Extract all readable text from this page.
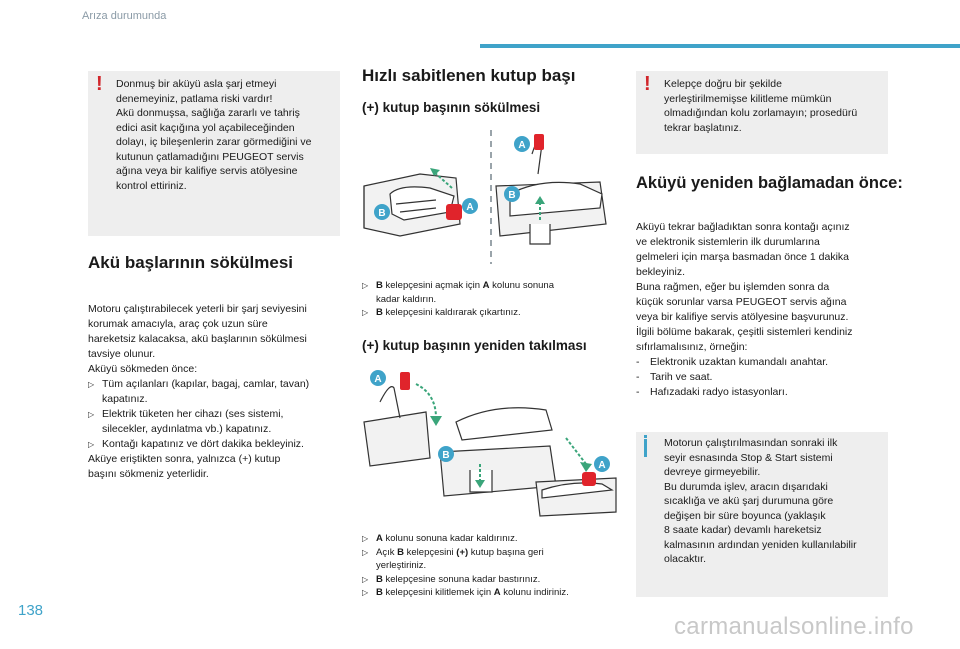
Arıza durumunda
! Donmuş bir aküyü asla şarj etmeyi

denemeyiniz, patlama riski vardır!

Akü donmuşsa, sağlığa zararlı ve tahriş

edici asit kaçığına yol açabileceğinden

dolayı, iç bileşenlerin zarar görmediğini ve

kutunun çatlamadığını PEUGEOT servis

ağına veya bir kalifiye servis atölyesine

kontrol ettiriniz.

Akü başlarının sökülmesi

Motoru çalıştırabilecek yeterli bir şarj seviyesini

korumak amacıyla, araç çok uzun süre

hareketsiz kalacaksa, akü başlarının sökülmesi

tavsiye olunur.

Aküyü sökmeden önce:

▷ Tüm açılanları (kapılar, bagaj, camlar, tavan)
kapatınız.

▷ Elektrik tüketen her cihazı (ses sistemi,
silecekler, aydınlatma vb.) kapatınız.

▷ Kontağı kapatınız ve dört dakika bekleyiniz.

Aküye eriştikten sonra, yalnızca (+) kutup

başını sökmeniz yeterlidir.

Hızlı sabitlenen kutup başı
(+) kutup başının sökülmesi
B
A
A
B

▷ B kelepçesini açmak için A kolunu sonuna
kadar kaldırın.

▷ B kelepçesini kaldırarak çıkartınız.

(+) kutup başının yeniden takılması
A
B
A

▷ A kolunu sonuna kadar kaldırınız.

▷ Açık B kelepçesini (+) kutup başına geri
yerleştiriniz.

▷ B kelepçesine sonuna kadar bastırınız.

▷ B kelepçesini kilitlemek için A kolunu indiriniz.

! Kelepçe doğru bir şekilde

yerleştirilmemişse kilitleme mümkün

olmadığından kolu zorlamayın; prosedürü

tekrar başlatınız.

Aküyü yeniden bağlamadan önce:

Aküyü tekrar bağladıktan sonra kontağı açınız

ve elektronik sistemlerin ilk durumlarına

gelmeleri için marşa basmadan önce 1 dakika

bekleyiniz.

Buna rağmen, eğer bu işlemden sonra da

küçük sorunlar varsa PEUGEOT servis ağına

veya bir kalifiye servis atölyesine başvurunuz.

İlgili bölüme bakarak, çeşitli sistemleri kendiniz

sıfırlamalısınız, örneğin:

- Elektronik uzaktan kumandalı anahtar.

- Tarih ve saat.

- Hafızadaki radyo istasyonları.

Motorun çalıştırılmasından sonraki ilk

seyir esnasında Stop & Start sistemi

devreye girmeyebilir.

Bu durumda işlev, aracın dışarıdaki

sıcaklığa ve akü şarj durumuna göre

değişen bir süre boyunca (yaklaşık

8 saate kadar) devamlı hareketsiz

kalmasının ardından yeniden kullanılabilir

olacaktır.

138
carmanualsonline.info
